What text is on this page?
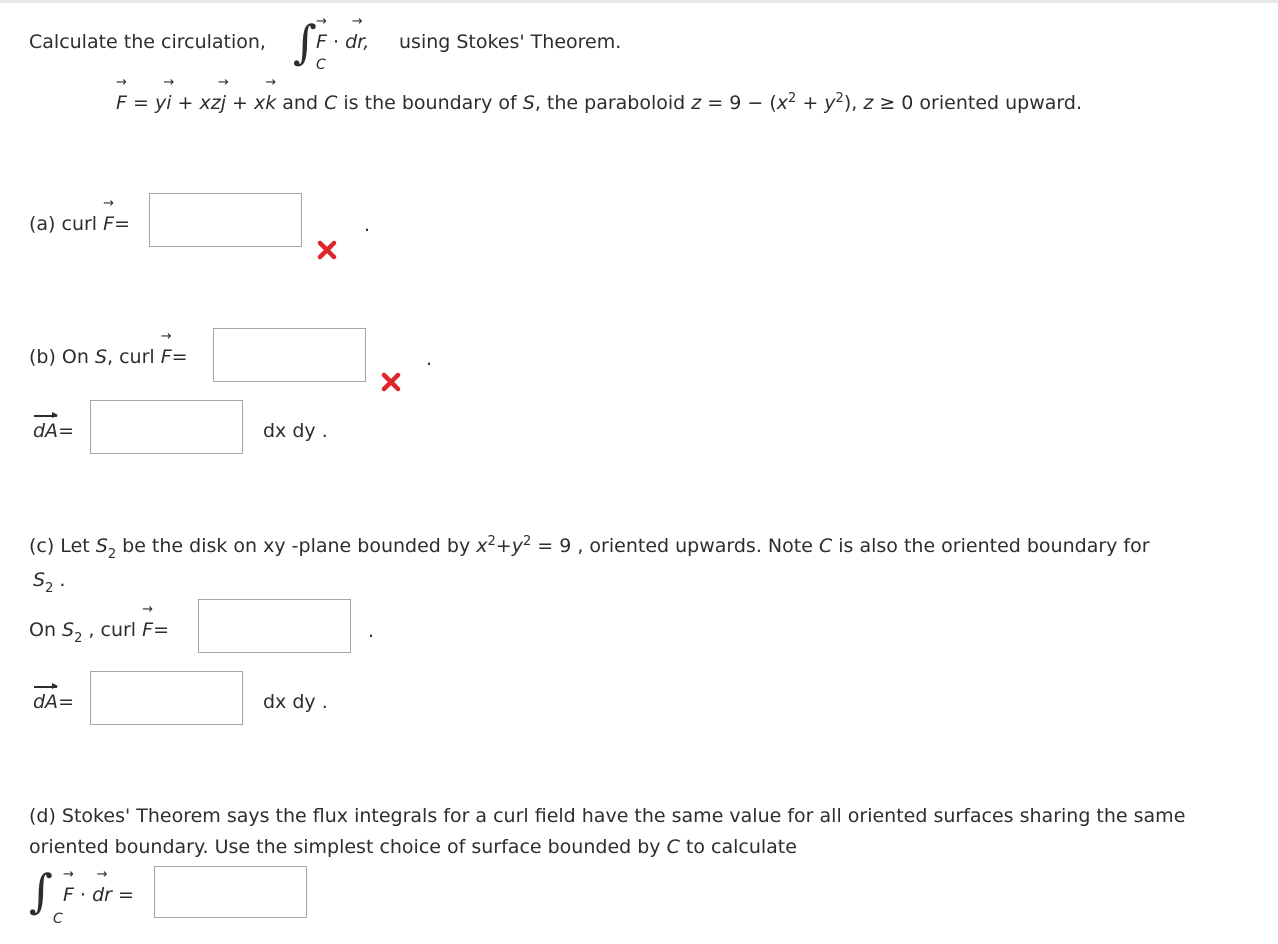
Calculate the circulation, ∫ C
→ F · → dr, using Stokes' Theorem.
→ F = y→ i + xz→ j + x→ k and C is the boundary of S, the paraboloid $z = 9 - (x^2 + y^2)$, z ≥ 0 oriented upward.
(a) curl → F=	.
(b) On S, curl → F=	.
dA=	dx dy .
(c) Let $S_2$ be the disk on xy -plane bounded by $x^2+y^2 = 9$ , oriented upwards. Note C is also the oriented boundary for
$S_2$ .
On $S_2$ , curl → F=	.
dA=	dx dy .
(d) Stokes' Theorem says the flux integrals for a curl field have the same value for all oriented surfaces sharing the same
oriented boundary. Use the simplest choice of surface bounded by C to calculate
∫
C
→ F · → dr =
